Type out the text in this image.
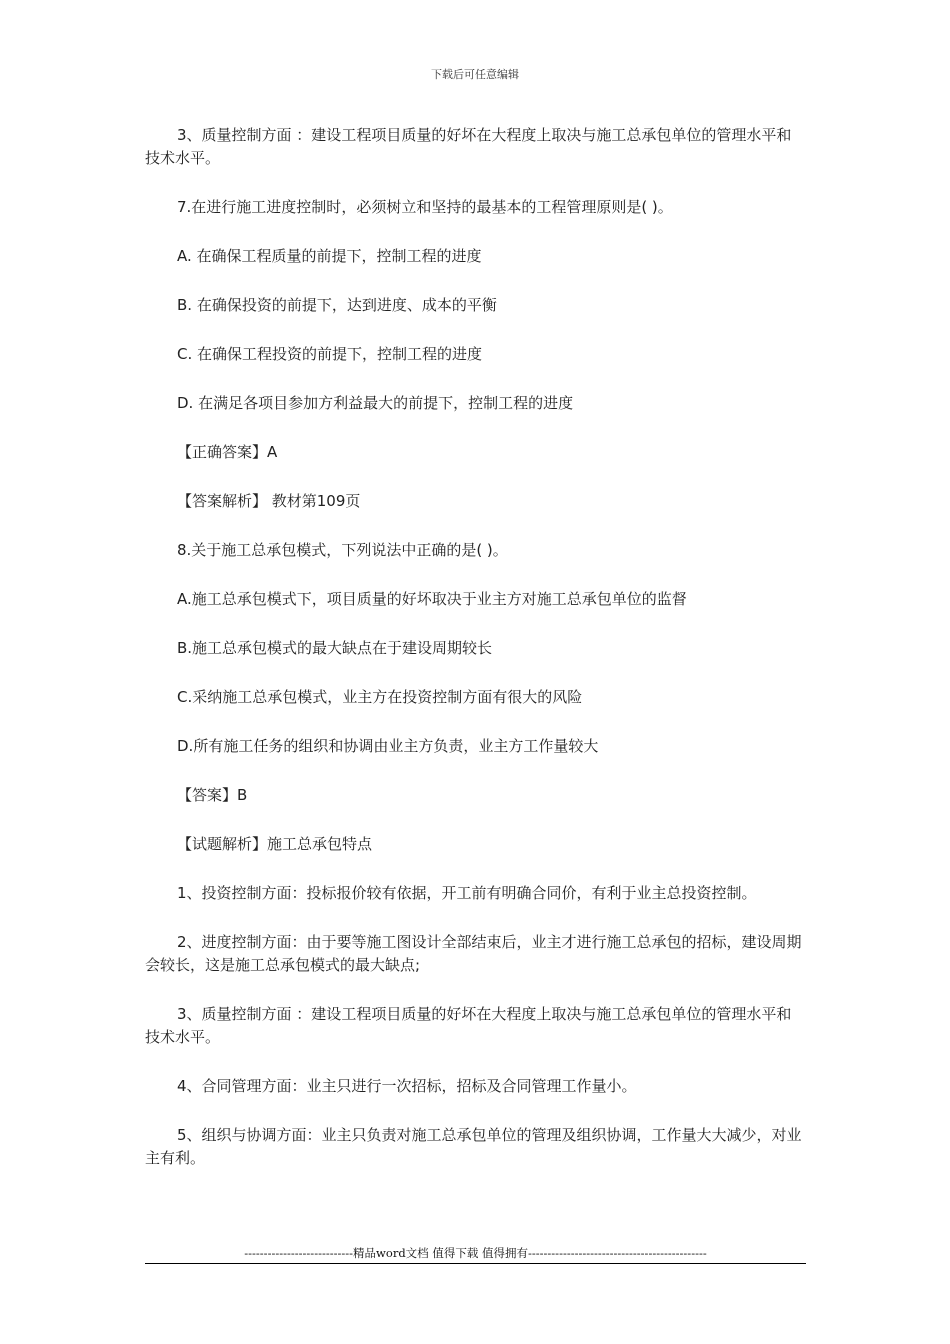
下载后可任意编辑

3、质量控制方面 ：建设工程项目质量的好坏在大程度上取决与施工总承包单位的管理水平和技术水平。

7.在进行施工进度控制时，必须树立和坚持的最基本的工程管理原则是( )。

A. 在确保工程质量的前提下，控制工程的进度

B. 在确保投资的前提下，达到进度、成本的平衡

C. 在确保工程投资的前提下，控制工程的进度

D. 在满足各项目参加方利益最大的前提下，控制工程的进度

【正确答案】A

【答案解析】 教材第109页

8.关于施工总承包模式，下列说法中正确的是( )。

A.施工总承包模式下，项目质量的好坏取决于业主方对施工总承包单位的监督

B.施工总承包模式的最大缺点在于建设周期较长

C.采纳施工总承包模式，业主方在投资控制方面有很大的风险

D.所有施工任务的组织和协调由业主方负责，业主方工作量较大

【答案】B

【试题解析】施工总承包特点

1、投资控制方面：投标报价较有依据，开工前有明确合同价，有利于业主总投资控制。

2、进度控制方面：由于要等施工图设计全部结束后，业主才进行施工总承包的招标，建设周期会较长，这是施工总承包模式的最大缺点;

3、质量控制方面 ：建设工程项目质量的好坏在大程度上取决与施工总承包单位的管理水平和技术水平。

4、合同管理方面：业主只进行一次招标，招标及合同管理工作量小。

5、组织与协调方面：业主只负责对施工总承包单位的管理及组织协调，工作量大大减少，对业主有利。

----------------------------精品word文档 值得下载 值得拥有----------------------------------------------
